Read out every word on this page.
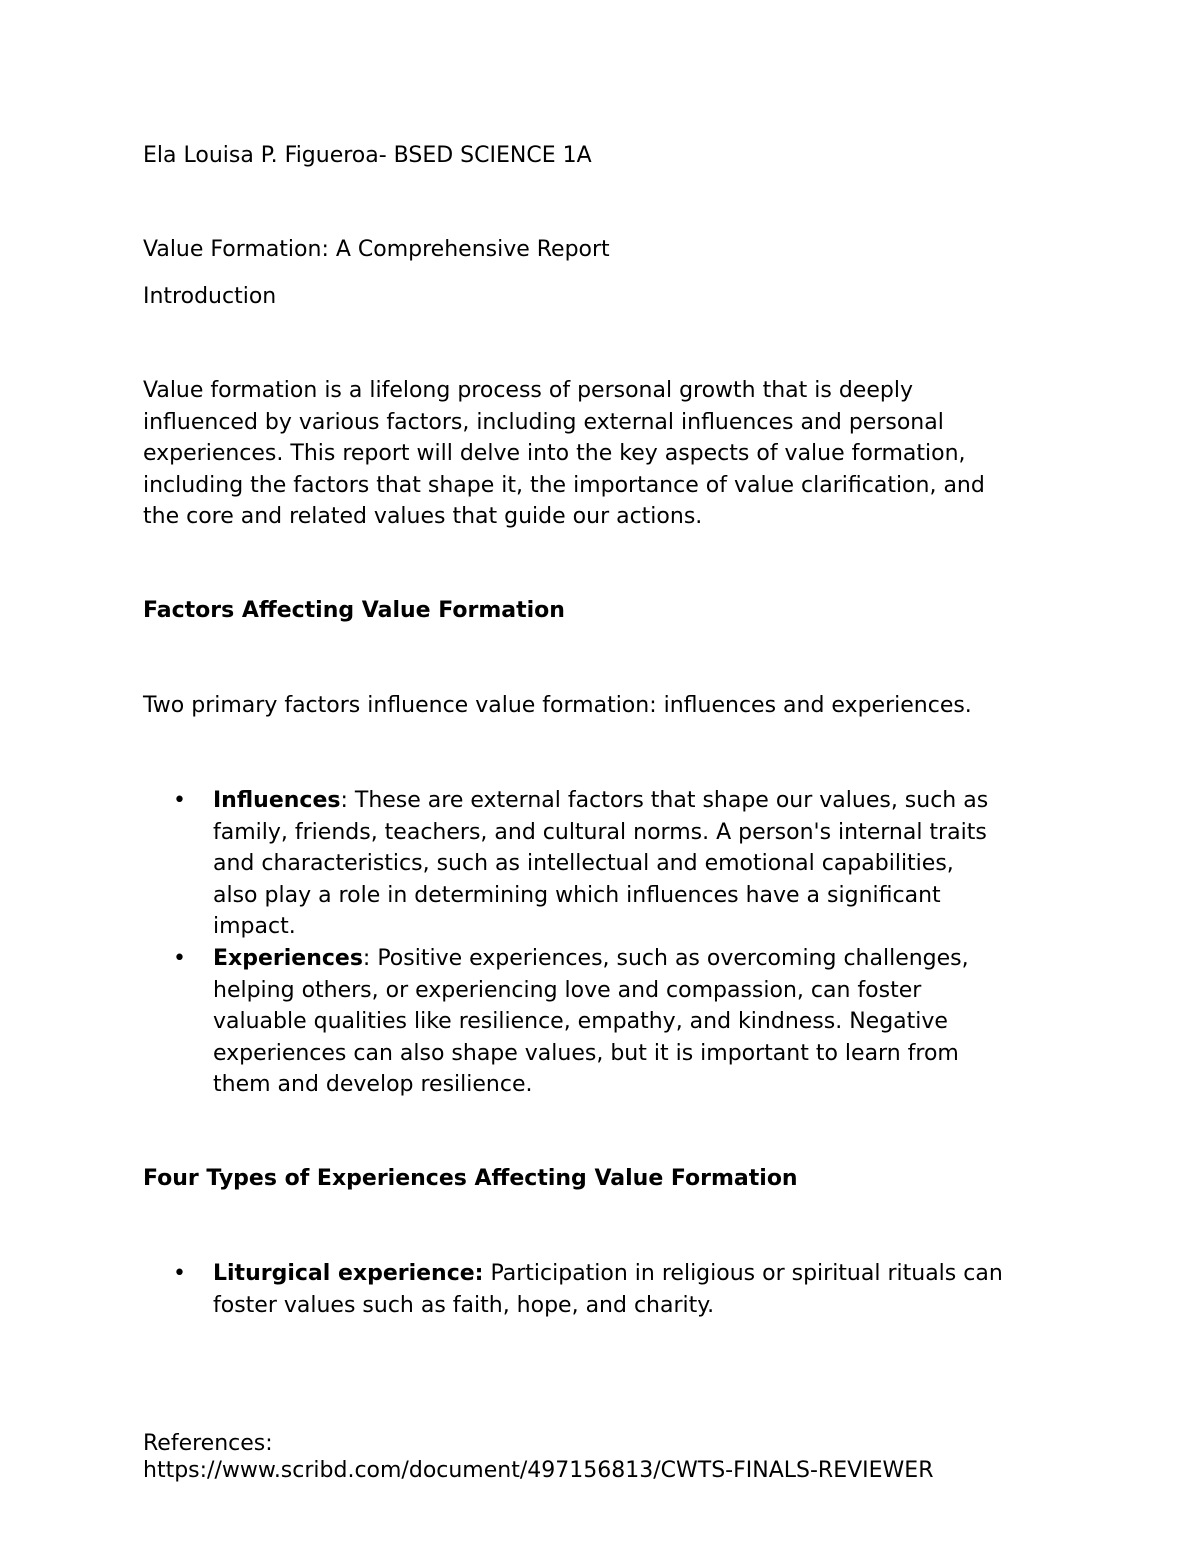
Ela Louisa P. Figueroa- BSED SCIENCE 1A
Value Formation: A Comprehensive Report
Introduction
Value formation is a lifelong process of personal growth that is deeply
influenced by various factors, including external influences and personal
experiences. This report will delve into the key aspects of value formation,
including the factors that shape it, the importance of value clarification, and
the core and related values that guide our actions.
Factors Affecting Value Formation
Two primary factors influence value formation: influences and experiences.
• Influences: These are external factors that shape our values, such as
family, friends, teachers, and cultural norms. A person's internal traits
and characteristics, such as intellectual and emotional capabilities,
also play a role in determining which influences have a significant
impact.
• Experiences: Positive experiences, such as overcoming challenges,
helping others, or experiencing love and compassion, can foster
valuable qualities like resilience, empathy, and kindness. Negative
experiences can also shape values, but it is important to learn from
them and develop resilience.
Four Types of Experiences Affecting Value Formation
• Liturgical experience: Participation in religious or spiritual rituals can
foster values such as faith, hope, and charity.
References:
https://www.scribd.com/document/497156813/CWTS-FINALS-REVIEWER
